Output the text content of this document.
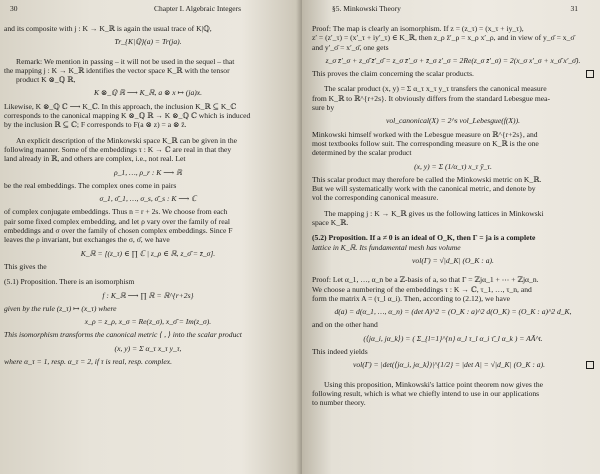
30	Chapter I. Algebraic Integers
and its composite with j : K → K_ℝ is again the usual trace of K|ℚ,
Tr_{K|ℚ}(a) = Tr(ja).
Remark: We mention in passing – it will not be used in the sequel – that
the mapping j : K → K_ℝ identifies the vector space K_ℝ with the tensor
product K ⊗_ℚ ℝ,
K ⊗_ℚ ℝ ⟶ K_ℝ, a ⊗ x ↦ (ja)x.
Likewise, K ⊗_ℚ ℂ ⟶ K_ℂ. In this approach, the inclusion K_ℝ ⊆ K_ℂ
corresponds to the canonical mapping K ⊗_ℚ ℝ → K ⊗_ℚ ℂ which is induced
by the inclusion ℝ ⊆ ℂ; F corresponds to F(a ⊗ z) = a ⊗ z̄.
An explicit description of the Minkowski space K_ℝ can be given in the
following manner. Some of the embeddings τ : K → ℂ are real in that they
land already in ℝ, and others are complex, i.e., not real. Let
ρ_1, …, ρ_r : K ⟶ ℝ
be the real embeddings. The complex ones come in pairs
σ_1, σ̄_1, …, σ_s, σ̄_s : K ⟶ ℂ
of complex conjugate embeddings. Thus n = r + 2s. We choose from each
pair some fixed complex embedding, and let ρ vary over the family of real
embeddings and σ over the family of chosen complex embeddings. Since F
leaves the ρ invariant, but exchanges the σ, σ̄, we have
K_ℝ = [(z_τ) ∈ ∏ ℂ | z_ρ ∈ ℝ, z_σ̄ = z̄_σ].
This gives the
(5.1) Proposition. There is an isomorphism
f : K_ℝ ⟶ ∏ ℝ = ℝ^{r+2s}
given by the rule (z_τ) ↦ (x_τ) where
x_ρ = z_ρ, x_σ = Re(z_σ), x_σ̄ = Im(z_σ).
This isomorphism transforms the canonical metric ⟨ , ⟩ into the scalar product
(x, y) = Σ α_τ x_τ y_τ,
where α_τ = 1, resp. α_τ = 2, if τ is real, resp. complex.
§5. Minkowski Theory	31
Proof: The map is clearly an isomorphism. If z = (z_τ) = (x_τ + iy_τ),
z′ = (z′_τ) = (x′_τ + iy′_τ) ∈ K_ℝ, then z_ρ z̄′_ρ = x_ρ x′_ρ, and in view of y_σ̄ = x_σ̄
and y′_σ̄ = x′_σ̄, one gets
z_σ z̄′_σ + z_σ̄ z̄′_σ̄ = z_σ z̄′_σ + z̄_σ z′_σ = 2Re(z_σ z̄′_σ) = 2(x_σ x′_σ + x_σ̄ x′_σ̄).
This proves the claim concerning the scalar products.
The scalar product (x, y) = Σ α_τ x_τ y_τ transfers the canonical measure
from K_ℝ to ℝ^{r+2s}. It obviously differs from the standard Lebesgue mea-
sure by
vol_canonical(X) = 2^s vol_Lebesgue(f(X)).
Minkowski himself worked with the Lebesgue measure on ℝ^{r+2s}, and
most textbooks follow suit. The corresponding measure on K_ℝ is the one
determined by the scalar product
(x, y) = Σ (1/α_τ) x_τ ȳ_τ.
This scalar product may therefore be called the Minkowski metric on K_ℝ.
But we will systematically work with the canonical metric, and denote by
vol the corresponding canonical measure.
The mapping j : K → K_ℝ gives us the following lattices in Minkowski
space K_ℝ.
(5.2) Proposition. If a ≠ 0 is an ideal of O_K, then Γ = ja is a complete
lattice in K_ℝ. Its fundamental mesh has volume
vol(Γ) = √|d_K| (O_K : a).
Proof: Let α_1, …, α_n be a ℤ-basis of a, so that Γ = ℤjα_1 + ⋯ + ℤjα_n.
We choose a numbering of the embeddings τ : K → ℂ, τ_1, …, τ_n, and
form the matrix A = (τ_l α_i). Then, according to (2.12), we have
d(a) = d(α_1, …, α_n) = (det A)^2 = (O_K : a)^2 d(O_K) = (O_K : a)^2 d_K,
and on the other hand
(⟨jα_i, jα_k⟩) = ( Σ_{l=1}^{n} α_l τ_l α_i τ̄_l α_k ) = AĀ^t.
This indeed yields
vol(Γ) = |det(⟨jα_i, jα_k⟩)|^{1/2} = |det A| = √|d_K| (O_K : a).
Using this proposition, Minkowski's lattice point theorem now gives the
following result, which is what we chiefly intend to use in our applications
to number theory.
